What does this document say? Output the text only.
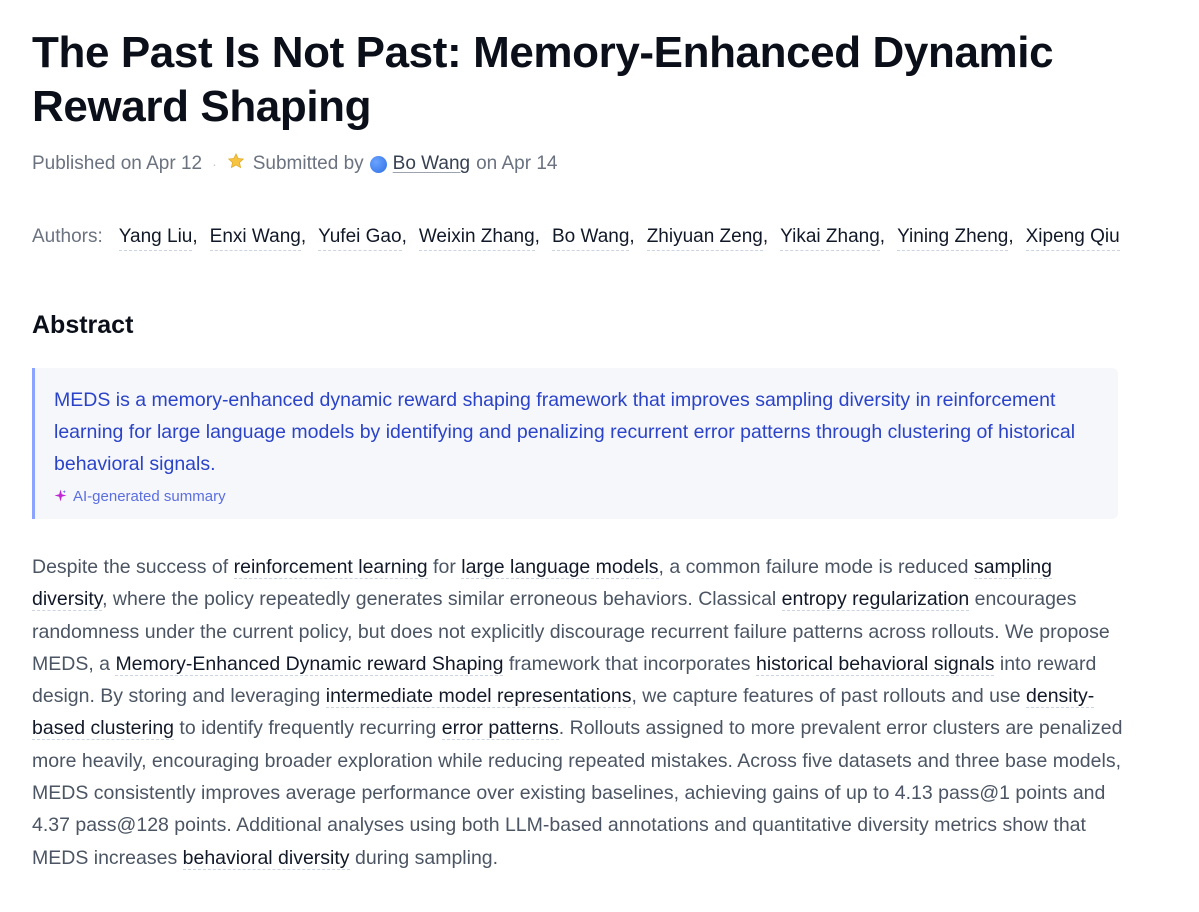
The Past Is Not Past: Memory-Enhanced Dynamic Reward Shaping
Published on Apr 12 · Submitted by Bo Wang on Apr 14
Authors: Yang Liu , Enxi Wang , Yufei Gao , Weixin Zhang , Bo Wang , Zhiyuan Zeng , Yikai Zhang , Yining Zheng , Xipeng Qiu
Abstract
MEDS is a memory-enhanced dynamic reward shaping framework that improves sampling diversity in reinforcement learning for large language models by identifying and penalizing recurrent error patterns through clustering of historical behavioral signals.
AI-generated summary
Despite the success of reinforcement learning for large language models, a common failure mode is reduced sampling diversity, where the policy repeatedly generates similar erroneous behaviors. Classical entropy regularization encourages randomness under the current policy, but does not explicitly discourage recurrent failure patterns across rollouts. We propose MEDS, a Memory-Enhanced Dynamic reward Shaping framework that incorporates historical behavioral signals into reward design. By storing and leveraging intermediate model representations, we capture features of past rollouts and use density-based clustering to identify frequently recurring error patterns. Rollouts assigned to more prevalent error clusters are penalized more heavily, encouraging broader exploration while reducing repeated mistakes. Across five datasets and three base models, MEDS consistently improves average performance over existing baselines, achieving gains of up to 4.13 pass@1 points and 4.37 pass@128 points. Additional analyses using both LLM-based annotations and quantitative diversity metrics show that MEDS increases behavioral diversity during sampling.
